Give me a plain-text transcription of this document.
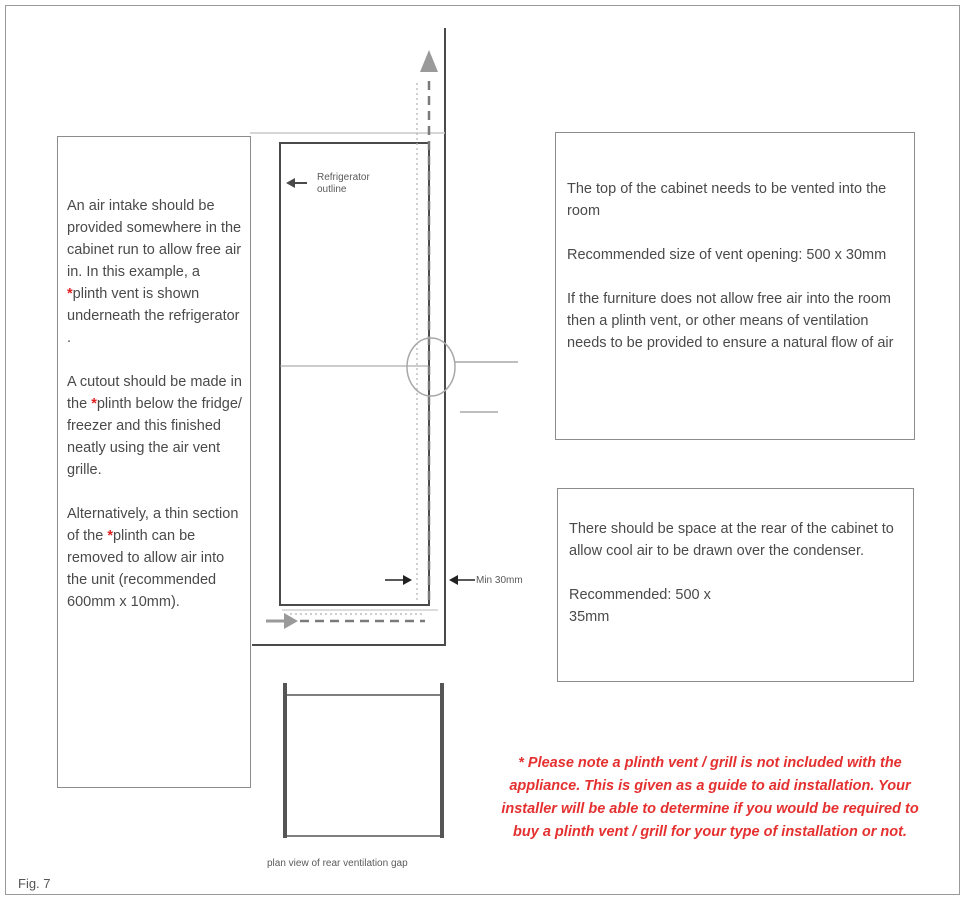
An air intake should be provided somewhere in the cabinet run to allow free air in. In this example, a *plinth vent is shown underneath the refrigerator .

A cutout should be made in the *plinth below the fridge/ freezer and this finished neatly using the air vent grille.

Alternatively, a thin section of the *plinth can be removed to allow air into the unit (recommended 600mm x 10mm).

The top of the cabinet needs to be vented into the room

Recommended size of vent opening: 500 x 30mm

If the furniture does not allow free air into the room then a plinth vent, or other means of ventilation needs to be provided to ensure a natural flow of air

There should be space at the rear of the cabinet to allow cool air to be drawn over the condenser.

Recommended: 500 x 35mm

Refrigerator outline
Min 30mm
plan view of rear ventilation gap
* Please note a plinth vent / grill is not included with the appliance. This is given as a guide to aid installation. Your installer will be able to determine if you would be required to buy a plinth vent / grill for your type of installation or not.
Fig. 7
